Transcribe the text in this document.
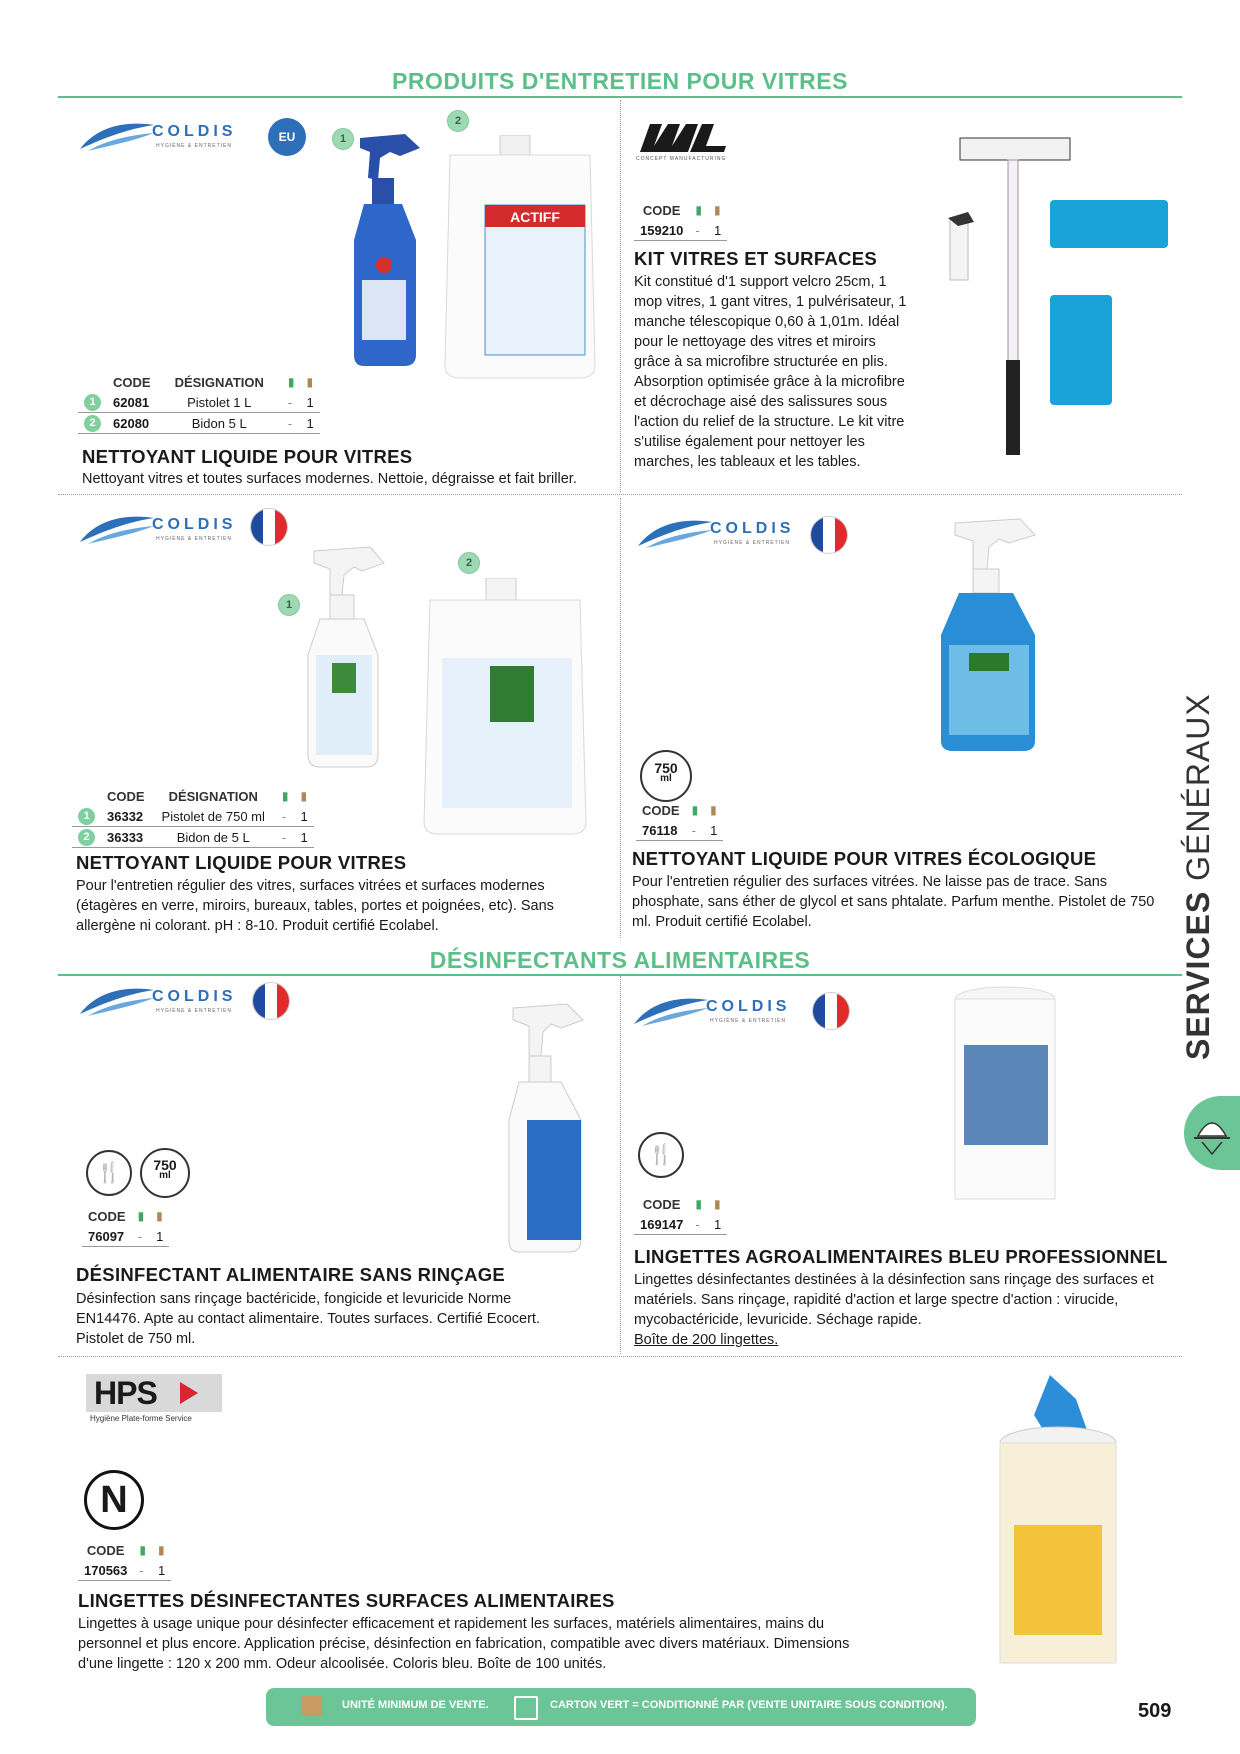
PRODUITS D'ENTRETIEN POUR VITRES
COLDIS
HYGIÈNE & ENTRETIEN
EU	1
2
ACTIFF
	CODE	DÉSIGNATION	▮	▮
1	62081	Pistolet 1 L	-	1
2	62080	Bidon 5 L	-	1
NETTOYANT LIQUIDE POUR VITRES
Nettoyant vitres et toutes surfaces modernes. Nettoie, dégraisse et fait briller.
CONCEPT MANUFACTURING
CODE	▮	▮
159210	-	1
KIT VITRES ET SURFACES
Kit constitué d'1 support velcro 25cm, 1 mop vitres, 1 gant vitres, 1 pulvérisateur, 1 manche télescopique 0,60 à 1,01m. Idéal pour le nettoyage des vitres et miroirs grâce à sa microfibre structurée en plis. Absorption optimisée grâce à la microfibre et décrochage aisé des salissures sous l'action du relief de la structure. Le kit vitre s'utilise également pour nettoyer les marches, les tableaux et les tables.
COLDIS
HYGIÈNE & ENTRETIEN
1
2
	CODE	DÉSIGNATION	▮	▮
1	36332	Pistolet de 750 ml	-	1
2	36333	Bidon de 5 L	-	1
NETTOYANT LIQUIDE POUR VITRES
Pour l'entretien régulier des vitres, surfaces vitrées et surfaces modernes (étagères en verre, miroirs, bureaux, tables, portes et poignées, etc). Sans allergène ni colorant. pH : 8-10. Produit certifié Ecolabel.
COLDIS
HYGIÈNE & ENTRETIEN
750
ml
CODE	▮	▮
76118	-	1
NETTOYANT LIQUIDE POUR VITRES ÉCOLOGIQUE
Pour l'entretien régulier des surfaces vitrées. Ne laisse pas de trace. Sans phosphate, sans éther de glycol et sans phtalate. Parfum menthe. Pistolet de 750 ml. Produit certifié Ecolabel.
DÉSINFECTANTS ALIMENTAIRES
COLDIS
HYGIÈNE & ENTRETIEN
🍴	750
ml
CODE	▮	▮
76097	-	1
DÉSINFECTANT ALIMENTAIRE SANS RINÇAGE
Désinfection sans rinçage bactéricide, fongicide et levuricide Norme EN14476. Apte au contact alimentaire. Toutes surfaces. Certifié Ecocert. Pistolet de 750 ml.
COLDIS
HYGIÈNE & ENTRETIEN
🍴
CODE	▮	▮
169147	-	1
LINGETTES AGROALIMENTAIRES BLEU PROFESSIONNEL
Lingettes désinfectantes destinées à la désinfection sans rinçage des surfaces et matériels. Sans rinçage, rapidité d'action et large spectre d'action : virucide, mycobactéricide, levuricide. Séchage rapide.
Boîte de 200 lingettes.
HPS
Hygiène Plate-forme Service
N
CODE	▮	▮
170563	-	1
LINGETTES DÉSINFECTANTES SURFACES ALIMENTAIRES
Lingettes à usage unique pour désinfecter efficacement et rapidement les surfaces, matériels alimentaires, mains du personnel et plus encore. Application précise, désinfection en fabrication, compatible avec divers matériaux. Dimensions d'une lingette : 120 x 200 mm. Odeur alcoolisée. Coloris bleu. Boîte de 100 unités.
SERVICES GÉNÉRAUX
UNITÉ MINIMUM DE VENTE.	CARTON VERT = CONDITIONNÉ PAR (VENTE UNITAIRE SOUS CONDITION).	509
